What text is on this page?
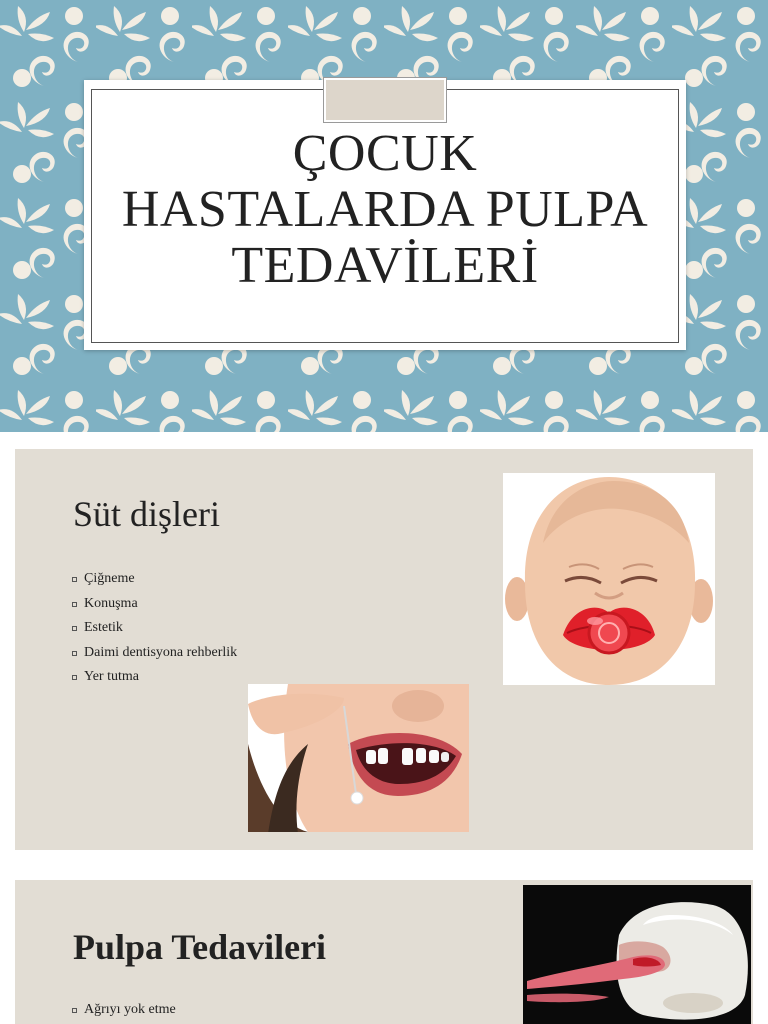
ÇOCUK
HASTALARDA PULPA
TEDAVİLERİ
Süt dişleri
Çiğneme
Konuşma
Estetik
Daimi dentisyona rehberlik
Yer tutma
Pulpa Tedavileri
Ağrıyı yok etme
